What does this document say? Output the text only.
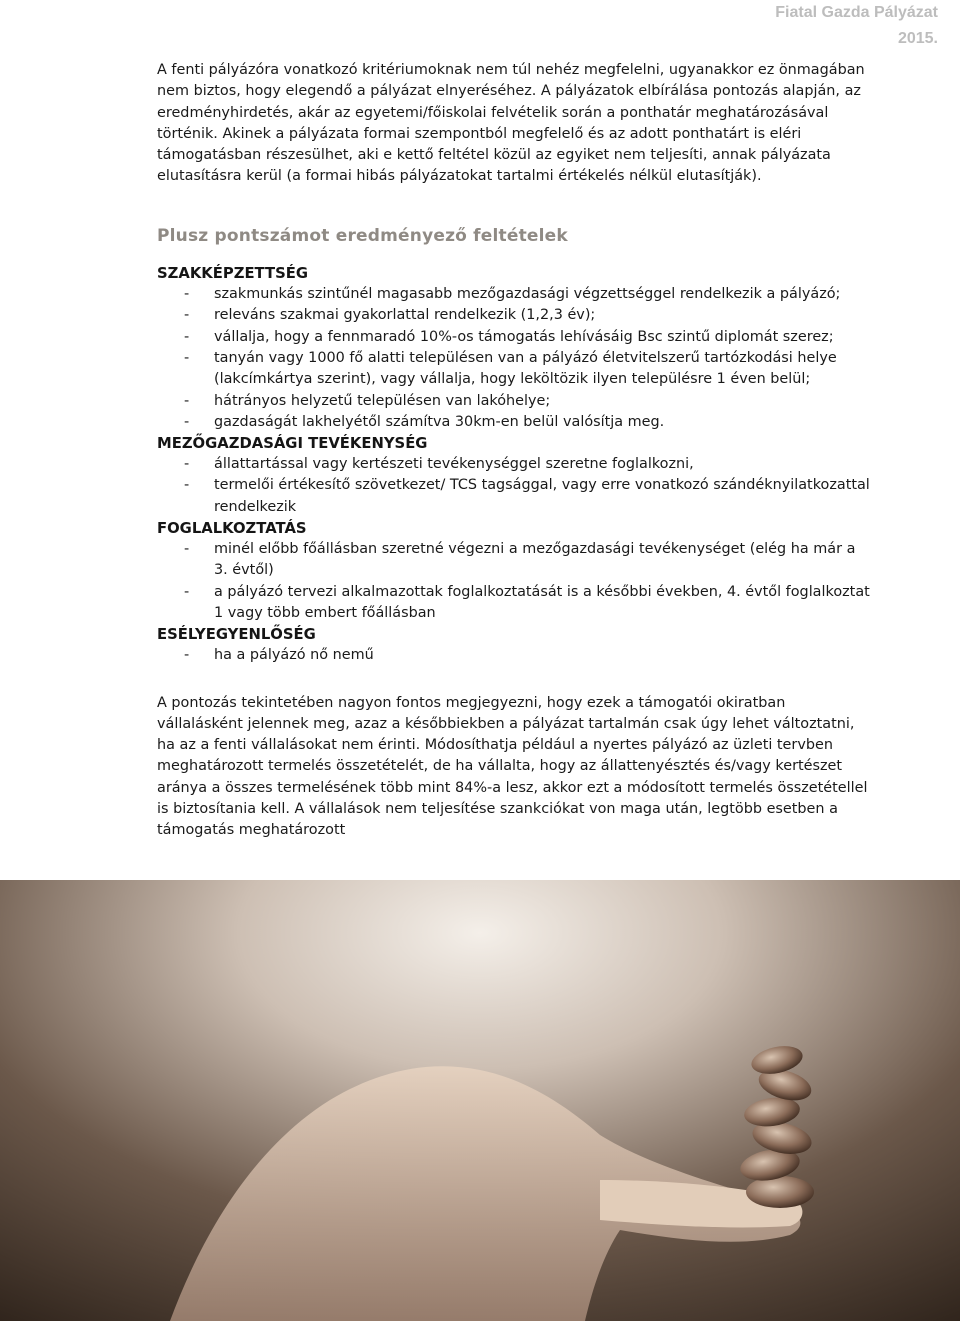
Fiatal Gazda Pályázat
2015.

A fenti pályázóra vonatkozó kritériumoknak nem túl nehéz megfelelni, ugyanakkor ez önmagában nem biztos, hogy elegendő a pályázat elnyeréséhez. A pályázatok elbírálása pontozás alapján, az eredményhirdetés, akár az egyetemi/főiskolai felvételik során a ponthatár meghatározásával történik. Akinek a pályázata formai szempontból megfelelő és az adott ponthatárt is eléri támogatásban részesülhet, aki e kettő feltétel közül az egyiket nem teljesíti, annak pályázata elutasításra kerül (a formai hibás pályázatokat tartalmi értékelés nélkül elutasítják).

Plusz pontszámot eredményező feltételek
SZAKKÉPZETTSÉG
- szakmunkás szintűnél magasabb mezőgazdasági végzettséggel rendelkezik a pályázó;
- releváns szakmai gyakorlattal rendelkezik (1,2,3 év);
- vállalja, hogy a fennmaradó 10%-os támogatás lehívásáig Bsc szintű diplomát szerez;
- tanyán vagy 1000 fő alatti településen van a pályázó életvitelszerű tartózkodási helye (lakcímkártya szerint), vagy vállalja, hogy leköltözik ilyen településre 1 éven belül;
- hátrányos helyzetű településen van lakóhelye;
- gazdaságát lakhelyétől számítva 30km-en belül valósítja meg.
MEZŐGAZDASÁGI TEVÉKENYSÉG
- állattartással vagy kertészeti tevékenységgel szeretne foglalkozni,
- termelői értékesítő szövetkezet/ TCS tagsággal, vagy erre vonatkozó szándéknyilatkozattal rendelkezik
FOGLALKOZTATÁS
- minél előbb főállásban szeretné végezni a mezőgazdasági tevékenységet (elég ha már a 3. évtől)
- a pályázó tervezi alkalmazottak foglalkoztatását is a későbbi években, 4. évtől foglalkoztat 1 vagy több embert főállásban
ESÉLYEGYENLŐSÉG
- ha a pályázó nő nemű

A pontozás tekintetében nagyon fontos megjegyezni, hogy ezek a támogatói okiratban vállalásként jelennek meg, azaz a későbbiekben a pályázat tartalmán csak úgy lehet változtatni, ha az a fenti vállalásokat nem érinti. Módosíthatja például a nyertes pályázó az üzleti tervben meghatározott termelés összetételét, de ha vállalta, hogy az állattenyésztés és/vagy kertészet aránya a összes termelésének több mint 84%-a lesz, akkor ezt a módosított termelés összetétellel is biztosítania kell. A vállalások nem teljesítése szankciókat von maga után, legtöbb esetben a támogatás meghatározott
